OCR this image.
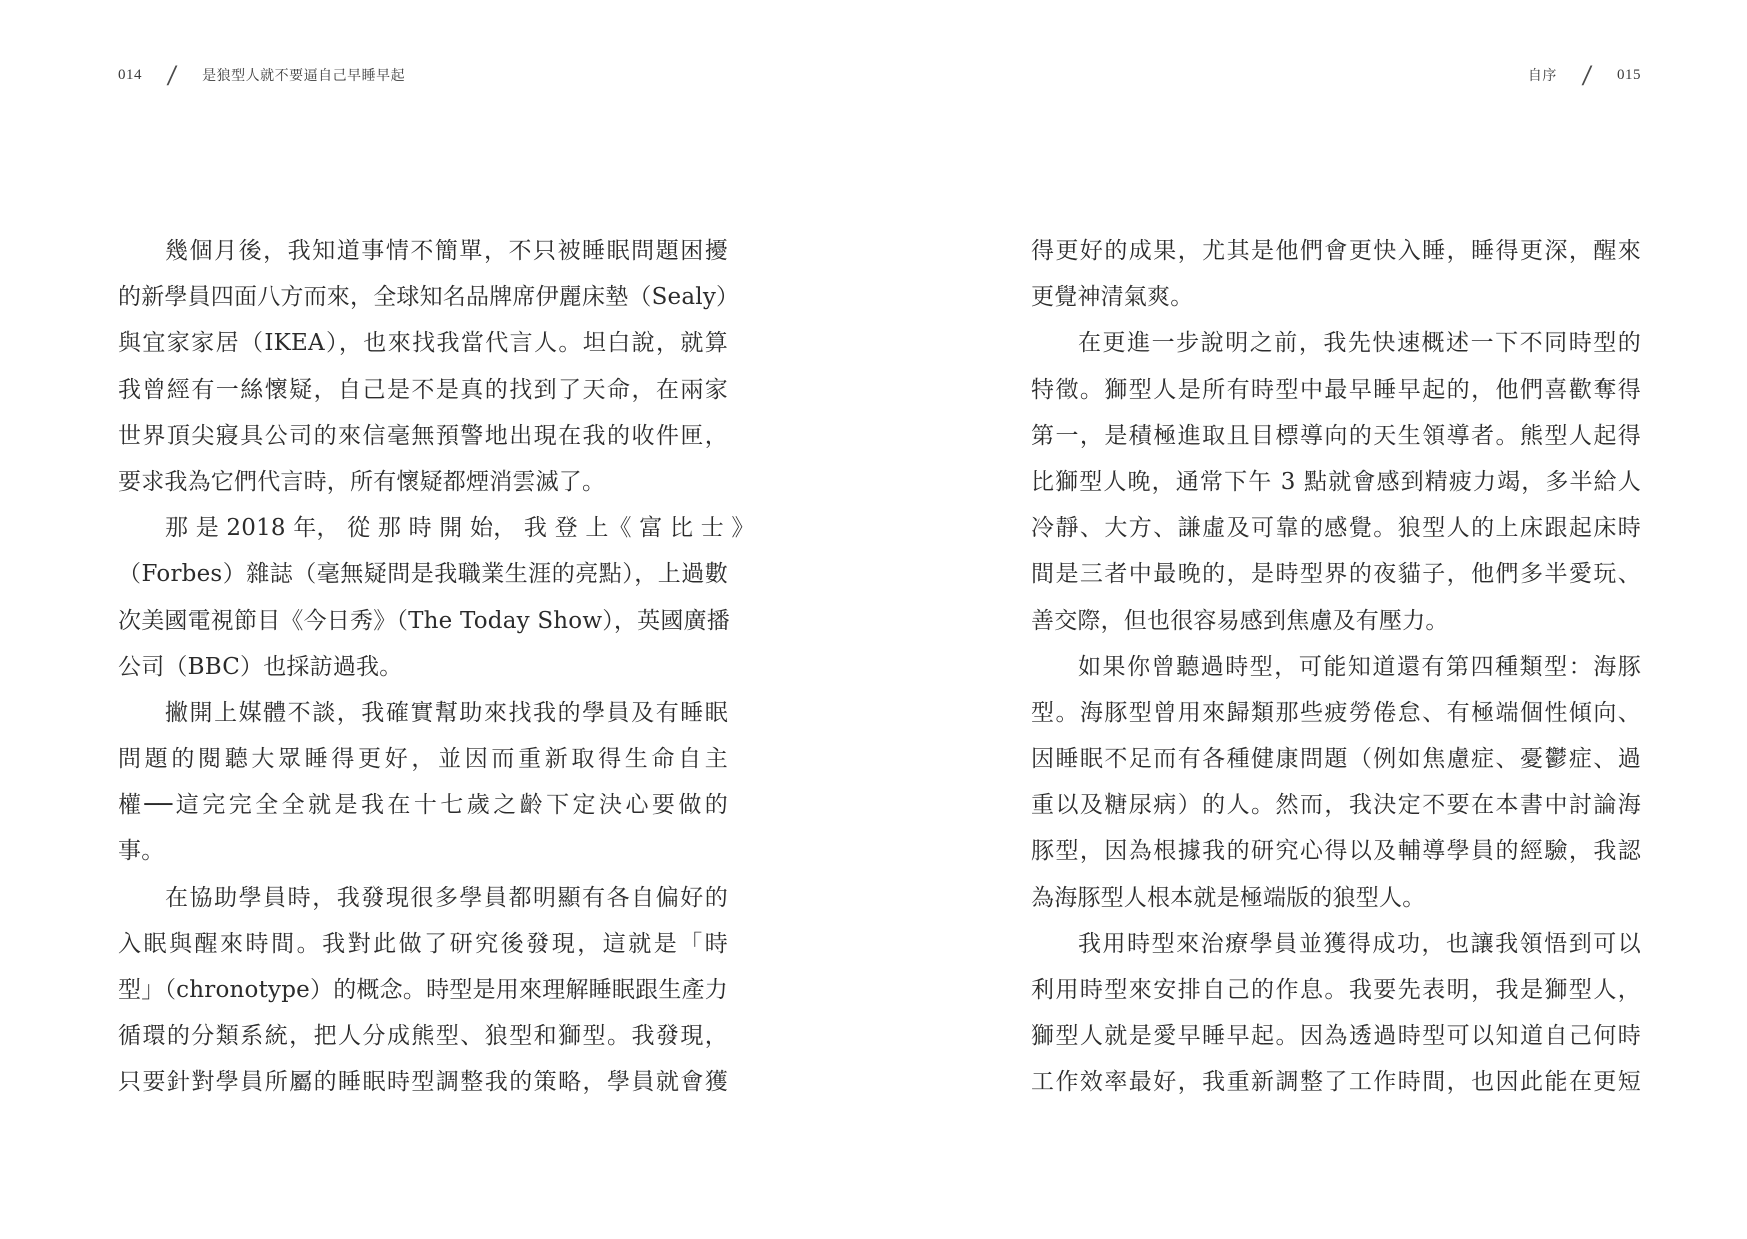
014 / 是狼型人就不要逼自己早睡早起
幾個月後，我知道事情不簡單，不只被睡眠問題困擾
的新學員四面八方而來，全球知名品牌席伊麗床墊（Sealy）
與宜家家居（IKEA），也來找我當代言人。坦白說，就算
我曾經有一絲懷疑，自己是不是真的找到了天命，在兩家
世界頂尖寢具公司的來信毫無預警地出現在我的收件匣，
要求我為它們代言時，所有懷疑都煙消雲滅了。
那 是 2018 年， 從 那 時 開 始， 我 登 上《 富 比 士 》
（Forbes）雜誌（毫無疑問是我職業生涯的亮點），上過數
次美國電視節目《今日秀》（The Today Show），英國廣播
公司（BBC）也採訪過我。
撇開上媒體不談，我確實幫助來找我的學員及有睡眠
問題的閱聽大眾睡得更好，並因而重新取得生命自主
權──這完完全全就是我在十七歲之齡下定決心要做的
事。
在協助學員時，我發現很多學員都明顯有各自偏好的
入眠與醒來時間。我對此做了研究後發現，這就是「時
型」（chronotype）的概念。時型是用來理解睡眠跟生產力
循環的分類系統，把人分成熊型、狼型和獅型。我發現，
只要針對學員所屬的睡眠時型調整我的策略，學員就會獲
自序 / 015
得更好的成果，尤其是他們會更快入睡，睡得更深，醒來
更覺神清氣爽。
在更進一步說明之前，我先快速概述一下不同時型的
特徵。獅型人是所有時型中最早睡早起的，他們喜歡奪得
第一，是積極進取且目標導向的天生領導者。熊型人起得
比獅型人晚，通常下午 3 點就會感到精疲力竭，多半給人
冷靜、大方、謙虛及可靠的感覺。狼型人的上床跟起床時
間是三者中最晚的，是時型界的夜貓子，他們多半愛玩、
善交際，但也很容易感到焦慮及有壓力。
如果你曾聽過時型，可能知道還有第四種類型：海豚
型。海豚型曾用來歸類那些疲勞倦怠、有極端個性傾向、
因睡眠不足而有各種健康問題（例如焦慮症、憂鬱症、過
重以及糖尿病）的人。然而，我決定不要在本書中討論海
豚型，因為根據我的研究心得以及輔導學員的經驗，我認
為海豚型人根本就是極端版的狼型人。
我用時型來治療學員並獲得成功，也讓我領悟到可以
利用時型來安排自己的作息。我要先表明，我是獅型人，
獅型人就是愛早睡早起。因為透過時型可以知道自己何時
工作效率最好，我重新調整了工作時間，也因此能在更短
